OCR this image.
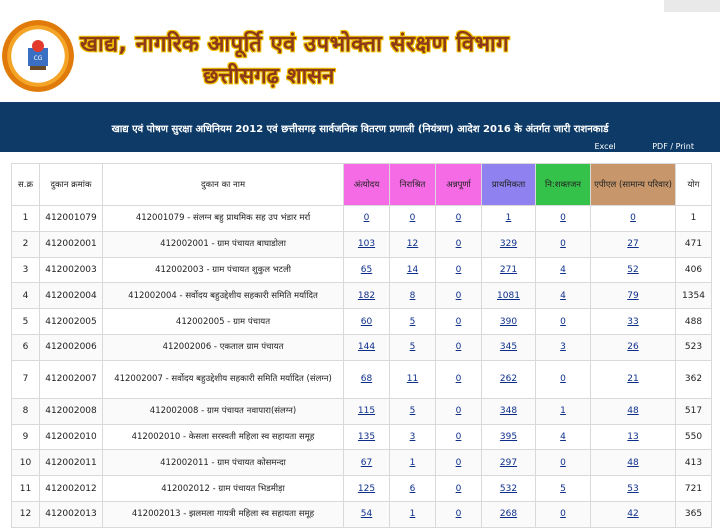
CG
खाद्य, नागरिक आपूर्ति एवं उपभोक्ता संरक्षण विभाग
छत्तीसगढ़ शासन
खाद्य एवं पोषण सुरक्षा अधिनियम 2012 एवं छत्तीसगढ़ सार्वजनिक वितरण प्रणाली (नियंत्रण) आदेश 2016 के अंतर्गत जारी राशनकार्ड
Excel	PDF / Print
स.क्र	दुकान क्रमांक	दुकान का नाम	अंत्योदय	निराश्रित	अन्नपूर्णा	प्राथमिकता	नि:शक्तजन	एपीएल (सामान्य परिवार)	योग
1	412001079	412001079 - संलग्न बहु प्राथमिक सह उप भंडार मर्रा	0	0	0	1	0	0	1
2	412002001	412002001 - ग्राम पंचायत बाघाडोला	103	12	0	329	0	27	471
3	412002003	412002003 - ग्राम पंचायत शुकुल भटली	65	14	0	271	4	52	406
4	412002004	412002004 - सर्वोदय बहुउद्देशीय सहकारी समिति मर्यादित	182	8	0	1081	4	79	1354
5	412002005	412002005 - ग्राम पंचायत	60	5	0	390	0	33	488
6	412002006	412002006 - एकताल ग्राम पंचायत	144	5	0	345	3	26	523
7	412002007	412002007 - सर्वोदय बहुउद्देशीय सहकारी समिति मर्यादित (संलग्न)	68	11	0	262	0	21	362
8	412002008	412002008 - ग्राम पंचायत नवापारा(संलग्न)	115	5	0	348	1	48	517
9	412002010	412002010 - केसला सरस्वती महिला स्व सहायता समूह	135	3	0	395	4	13	550
10	412002011	412002011 - ग्राम पंचायत कोसमन्दा	67	1	0	297	0	48	413
11	412002012	412002012 - ग्राम पंचायत भिडमीड़ा	125	6	0	532	5	53	721
12	412002013	412002013 - झलमला गायत्री महिला स्व सहायता समूह	54	1	0	268	0	42	365
